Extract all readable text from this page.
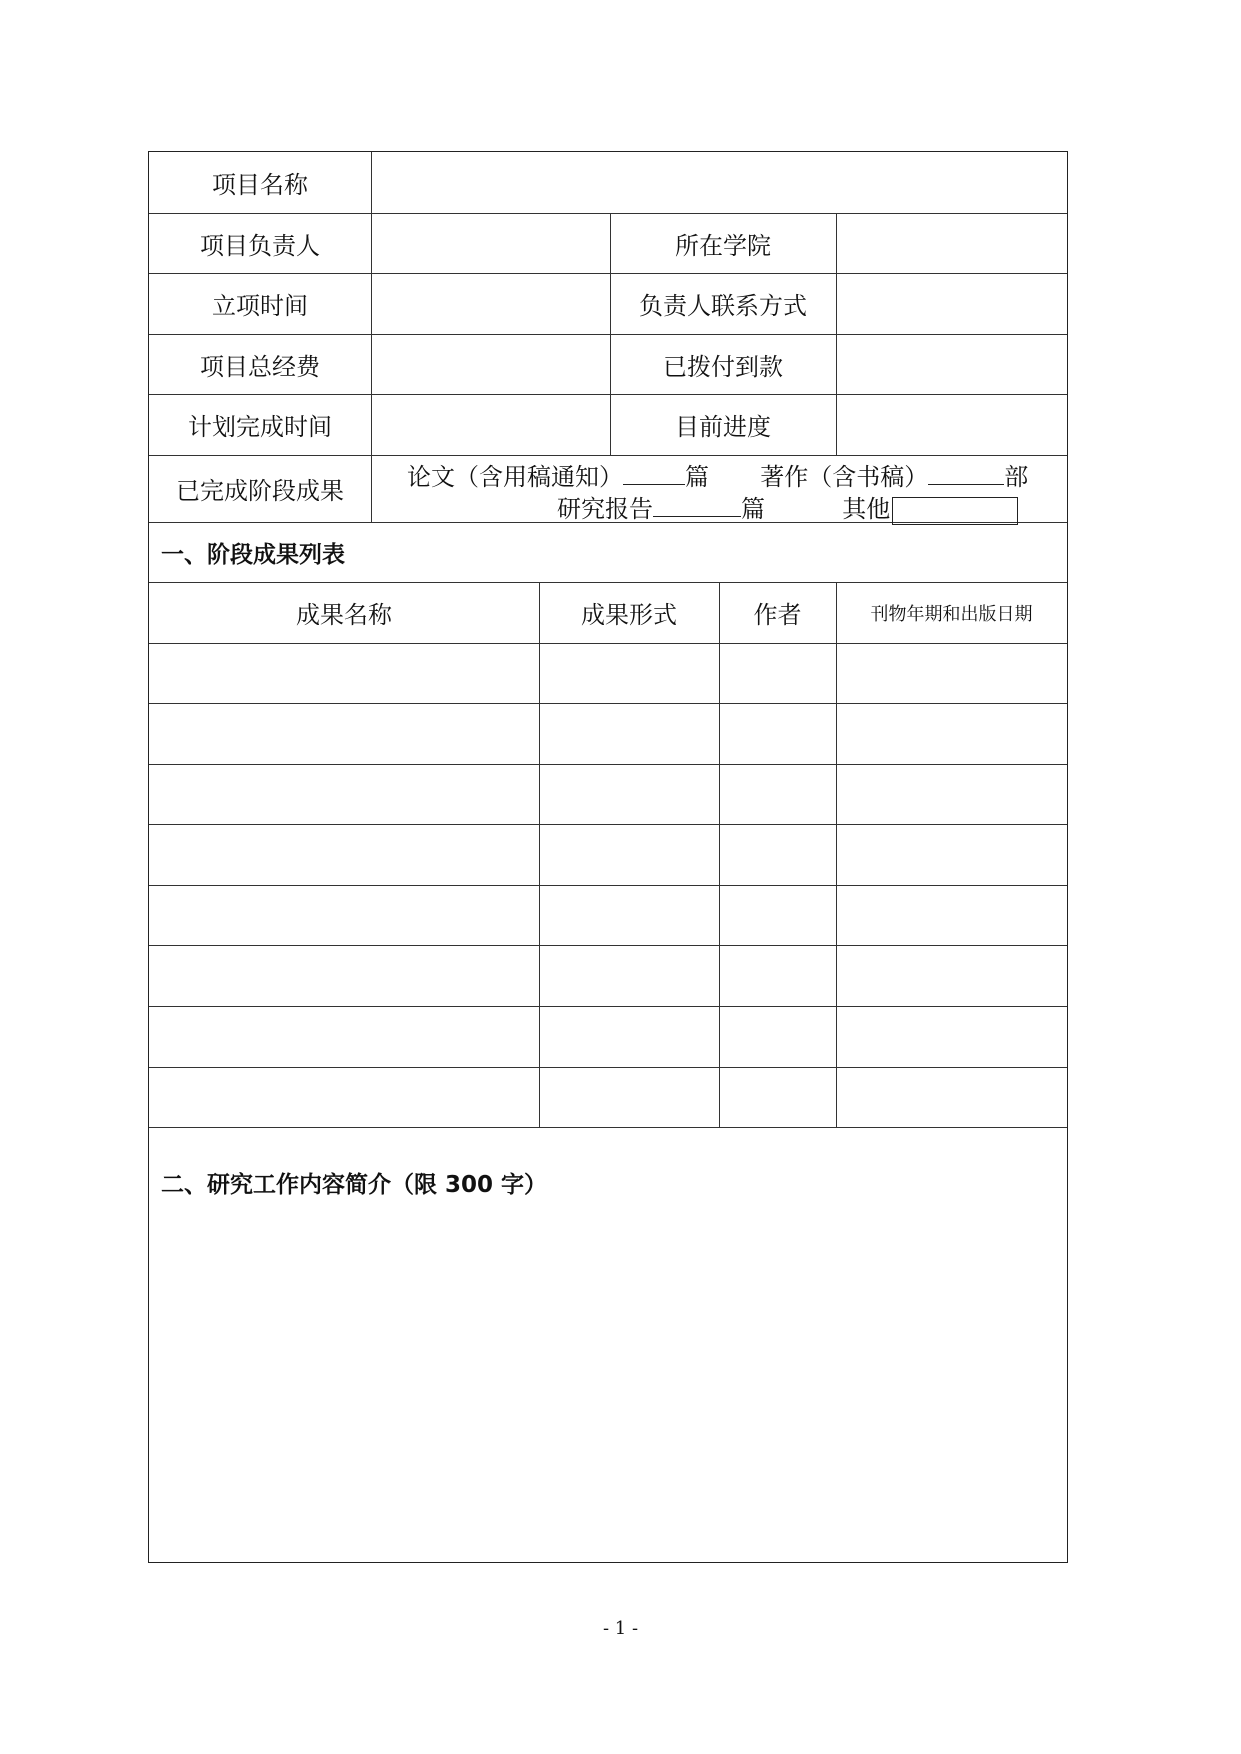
项目名称
项目负责人	所在学院
立项时间	负责人联系方式
项目总经费	已拨付到款
计划完成时间	目前进度
已完成阶段成果	论文（含用稿通知）	篇 著作（含书稿）	部
研究报告	篇	其他
一、阶段成果列表
成果名称	成果形式	作者	刊物年期和出版日期
二、研究工作内容简介（限 300 字）
- 1 -
